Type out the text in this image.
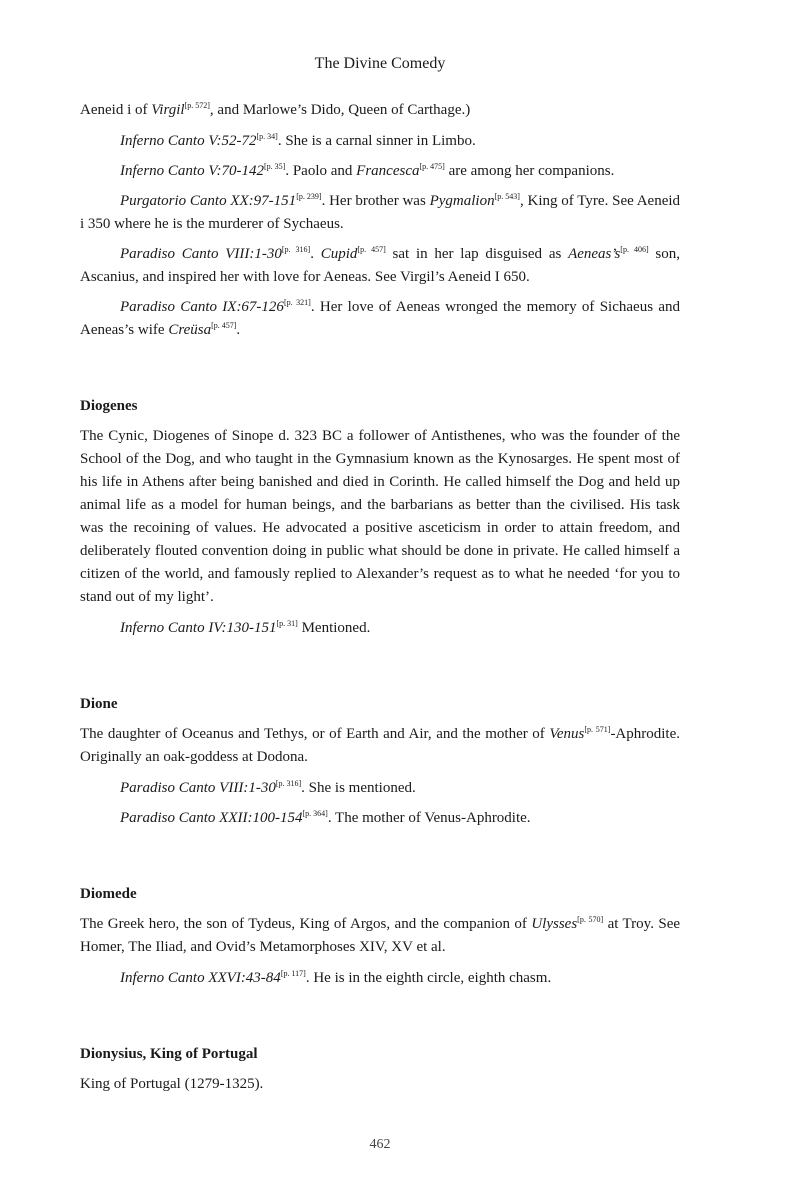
The Divine Comedy

Aeneid i of Virgil[p. 572], and Marlowe’s Dido, Queen of Carthage.)

Inferno Canto V:52-72[p. 34]. She is a carnal sinner in Limbo.

Inferno Canto V:70-142[p. 35]. Paolo and Francesca[p. 475] are among her companions.

Purgatorio Canto XX:97-151[p. 239]. Her brother was Pygmalion[p. 543], King of Tyre. See Aeneid i 350 where he is the murderer of Sychaeus.

Paradiso Canto VIII:1-30[p. 316]. Cupid[p. 457] sat in her lap disguised as Aeneas’s[p. 406] son, Ascanius, and inspired her with love for Aeneas. See Virgil’s Aeneid I 650.

Paradiso Canto IX:67-126[p. 321]. Her love of Aeneas wronged the memory of Sichaeus and Aeneas’s wife Creüsa[p. 457].

Diogenes

The Cynic, Diogenes of Sinope d. 323 BC a follower of Antisthenes, who was the founder of the School of the Dog, and who taught in the Gymnasium known as the Kynosarges. He spent most of his life in Athens after being banished and died in Corinth. He called himself the Dog and held up animal life as a model for human beings, and the barbarians as better than the civilised. His task was the recoining of values. He advocated a positive asceticism in order to attain freedom, and deliberately flouted convention doing in public what should be done in private. He called himself a citizen of the world, and famously replied to Alexander’s request as to what he needed ‘for you to stand out of my light’.

Inferno Canto IV:130-151[p. 31] Mentioned.

Dione

The daughter of Oceanus and Tethys, or of Earth and Air, and the mother of Venus[p. 571]-Aphrodite. Originally an oak-goddess at Dodona.

Paradiso Canto VIII:1-30[p. 316]. She is mentioned.

Paradiso Canto XXII:100-154[p. 364]. The mother of Venus-Aphrodite.

Diomede

The Greek hero, the son of Tydeus, King of Argos, and the companion of Ulysses[p. 570] at Troy. See Homer, The Iliad, and Ovid’s Metamorphoses XIV, XV et al.

Inferno Canto XXVI:43-84[p. 117]. He is in the eighth circle, eighth chasm.

Dionysius, King of Portugal

King of Portugal (1279-1325).

462
